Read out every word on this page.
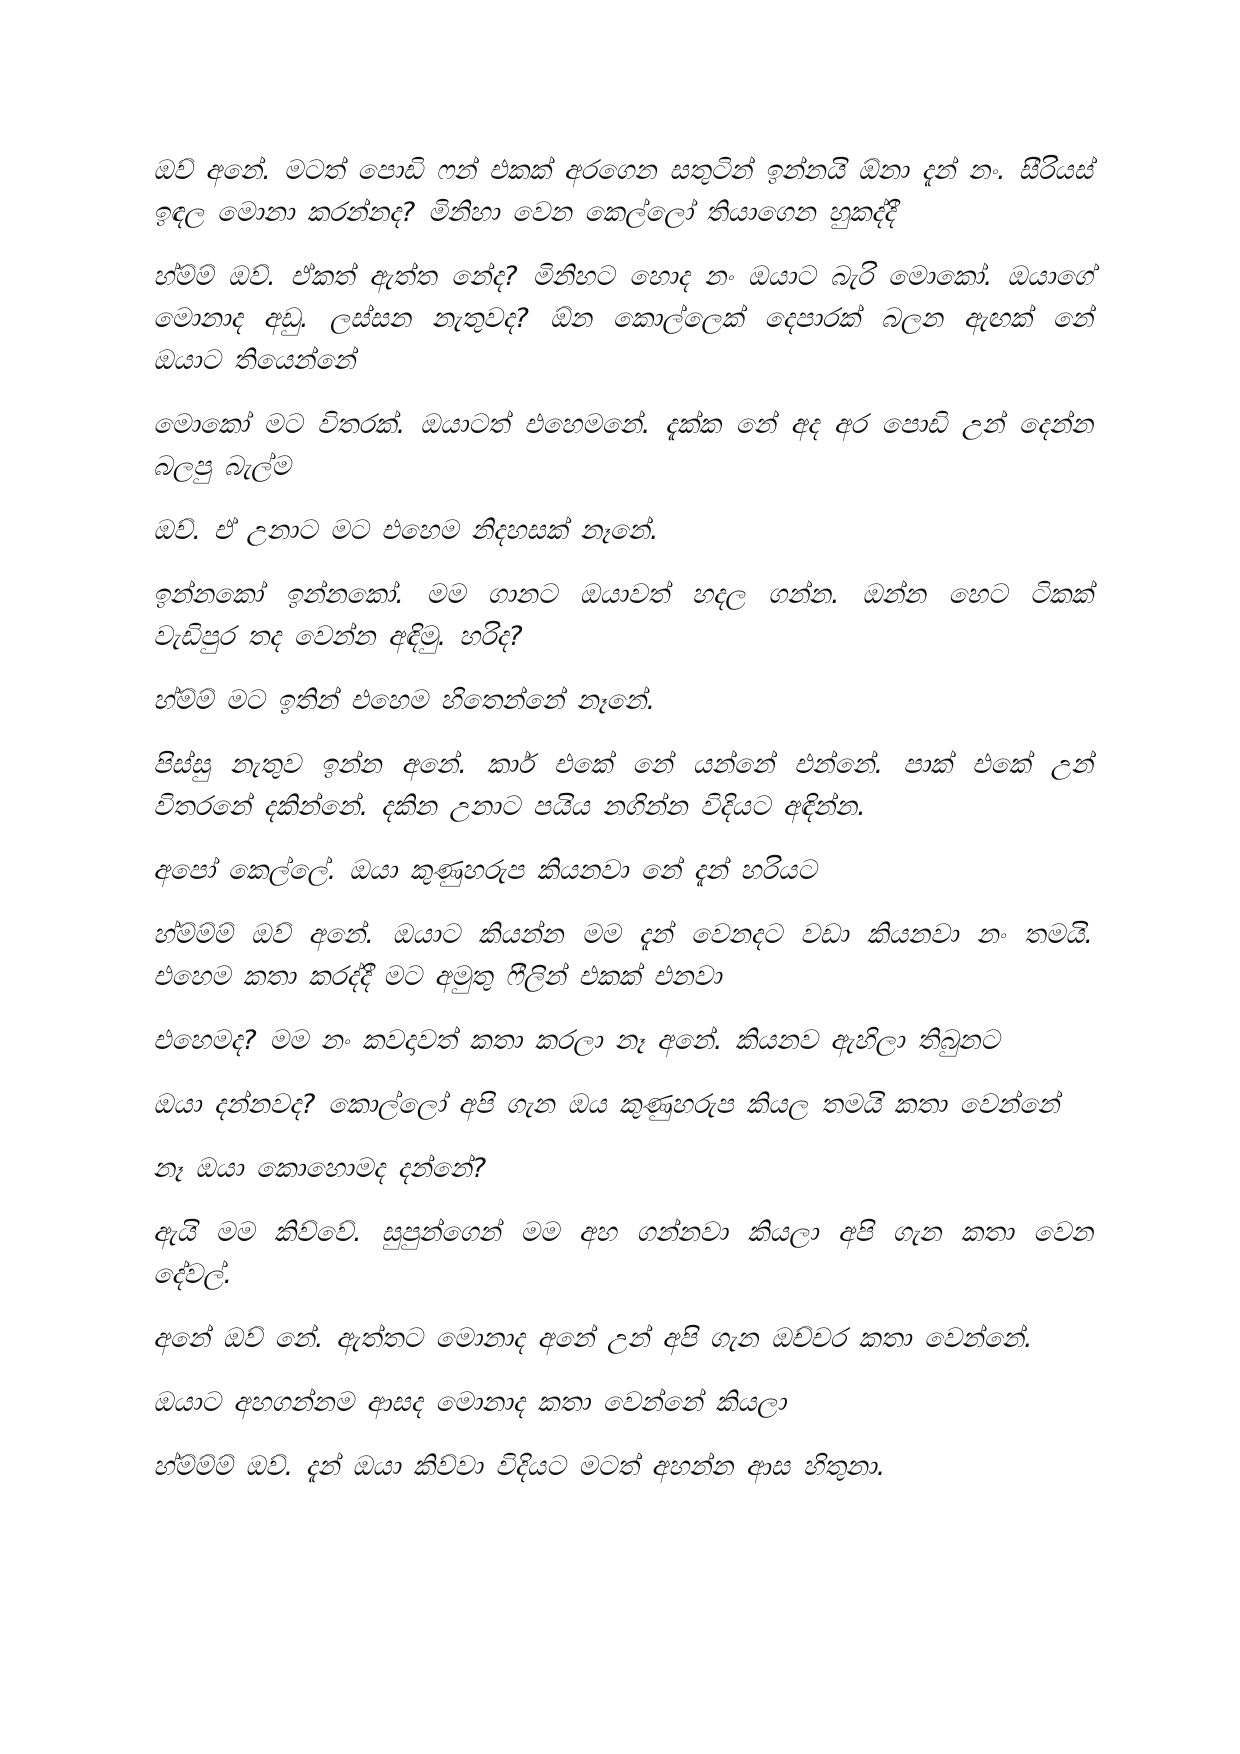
ඔව් අනේ. මටත් පොඩි ෆන් එකක් අරගෙන සතුටින් ඉන්නයි ඕනා දැන් නං. සීරියස් ඉඳල මොනා කරන්නද? මිනිහා වෙන කෙල්ලෝ තියාගෙන හුකද්දී

හ්ම්ම් ඔව්. ඒකත් ඇත්ත නේද? මිනිහට හොද නං ඔයාට බැරි මොකෝ. ඔයාගේ මොනාද අඩු. ලස්සන නැතුවද? ඕන කොල්ලෙක් දෙපාරක් බලන ඇඟක් නේ ඔයාට තියෙන්නේ

මොකෝ මට විතරක්. ඔයාටත් එහෙමනේ. දැක්ක නේ අද අර පොඩි උන් දෙන්න බලපු බැල්ම

ඔව්. ඒ උනාට මට එහෙම නිදහසක් නෑනේ.

ඉන්නකෝ ඉන්නකෝ. මම ගානට ඔයාවත් හදල ගන්න. ඔන්න හෙට ටිකක් වැඩිපුර තද වෙන්න අඳිමු. හරිද?

හ්ම්ම් මට ඉතින් එහෙම හිතෙන්නේ නෑනේ.

පිස්සු නැතුව ඉන්න අනේ. කාර් එකේ නේ යන්නේ එන්නේ. පාක් එකේ උන් විතරනේ දකින්නේ. දකින උනාට පයිය නගින්න විදියට අඳින්න.

අපෝ කෙල්ලේ. ඔයා කුණුහරුප කියනවා නේ දැන් හරියට

හ්ම්ම්ම් ඔව් අනේ. ඔයාට කියන්න මම දැන් වෙනදට වඩා කියනවා නං තමයි. එහෙම කතා කරද්දී මට අමුතු ෆීලින් එකක් එනවා

එහෙමද? මම නං කවදාවත් කතා කරලා නෑ අනේ. කියනව ඇහිලා තිබුනට

ඔයා දන්නවද? කොල්ලෝ අපි ගැන ඔය කුණුහරුප කියල තමයි කතා වෙන්නේ

නෑ ඔයා කොහොමද දන්නේ?

ඇයි මම කිව්වේ. සුපුන්ගෙන් මම අහ ගන්නවා කියලා අපි ගැන කතා වෙන දේවල්.

අනේ ඔව් නේ. ඇත්තට මොනාද අනේ උන් අපි ගැන ඔච්චර කතා වෙන්නේ.

ඔයාට අහගන්නම ආසද මොනාද කතා වෙන්නේ කියලා

හ්ම්ම්ම් ඔව්. දැන් ඔයා කිව්වා විදියට මටත් අහන්න ආස හිතුනා.
